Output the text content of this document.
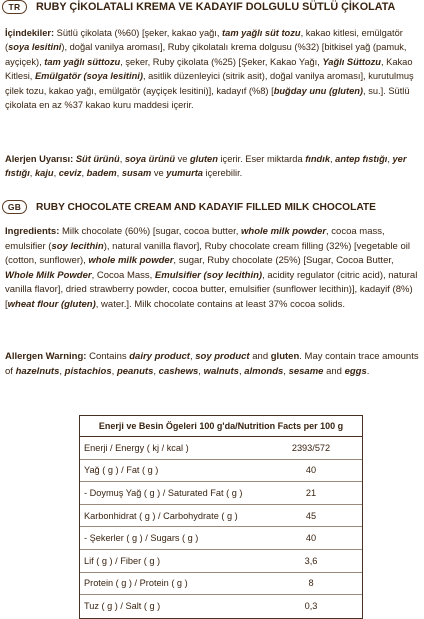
TR	RUBY ÇİKOLATALI KREMA VE KADAYIF DOLGULU SÜTLÜ ÇİKOLATA

İçindekiler: Sütlü çikolata (%60) [şeker, kakao yağı, tam yağlı süt tozu, kakao kitlesi, emülgatör (soya lesitini), doğal vanilya aroması], Ruby çikolatalı krema dolgusu (%32) [bitkisel yağ (pamuk, ayçiçek), tam yağlı süttozu, şeker, Ruby çikolata (%25) [Şeker, Kakao Yağı, Yağlı Süttozu, Kakao Kitlesi, Emülgatör (soya lesitini), asitlik düzenleyici (sitrik asit), doğal vanilya aroması], kurutulmuş çilek tozu, kakao yağı, emülgatör (ayçiçek lesitini)], kadayıf (%8) [buğday unu (gluten), su.]. Sütlü çikolata en az %37 kakao kuru maddesi içerir.

Alerjen Uyarısı: Süt ürünü, soya ürünü ve gluten içerir. Eser miktarda fındık, antep fıstığı, yer fıstığı, kaju, ceviz, badem, susam ve yumurta içerebilir.

GB	RUBY CHOCOLATE CREAM AND KADAYIF FILLED MILK CHOCOLATE

Ingredients: Milk chocolate (60%) [sugar, cocoa butter, whole milk powder, cocoa mass, emulsifier (soy lecithin), natural vanilla flavor], Ruby chocolate cream filling (32%) [vegetable oil (cotton, sunflower), whole milk powder, sugar, Ruby chocolate (25%) [Sugar, Cocoa Butter, Whole Milk Powder, Cocoa Mass, Emulsifier (soy lecithin), acidity regulator (citric acid), natural vanilla flavor], dried strawberry powder, cocoa butter, emulsifier (sunflower lecithin)], kadayif (8%) [wheat flour (gluten), water.]. Milk chocolate contains at least 37% cocoa solids.

Allergen Warning: Contains dairy product, soy product and gluten. May contain trace amounts of hazelnuts, pistachios, peanuts, cashews, walnuts, almonds, sesame and eggs.

Enerji ve Besin Ögeleri 100 g'da/Nutrition Facts per 100 g
Enerji / Energy ( kj / kcal )	2393/572
Yağ ( g ) / Fat ( g )	40
- Doymuş Yağ ( g ) / Saturated Fat ( g )	21
Karbonhidrat ( g ) / Carbohydrate ( g )	45
- Şekerler ( g ) / Sugars ( g )	40
Lif ( g ) / Fiber ( g )	3,6
Protein ( g ) / Protein ( g )	8
Tuz ( g ) / Salt ( g )	0,3
